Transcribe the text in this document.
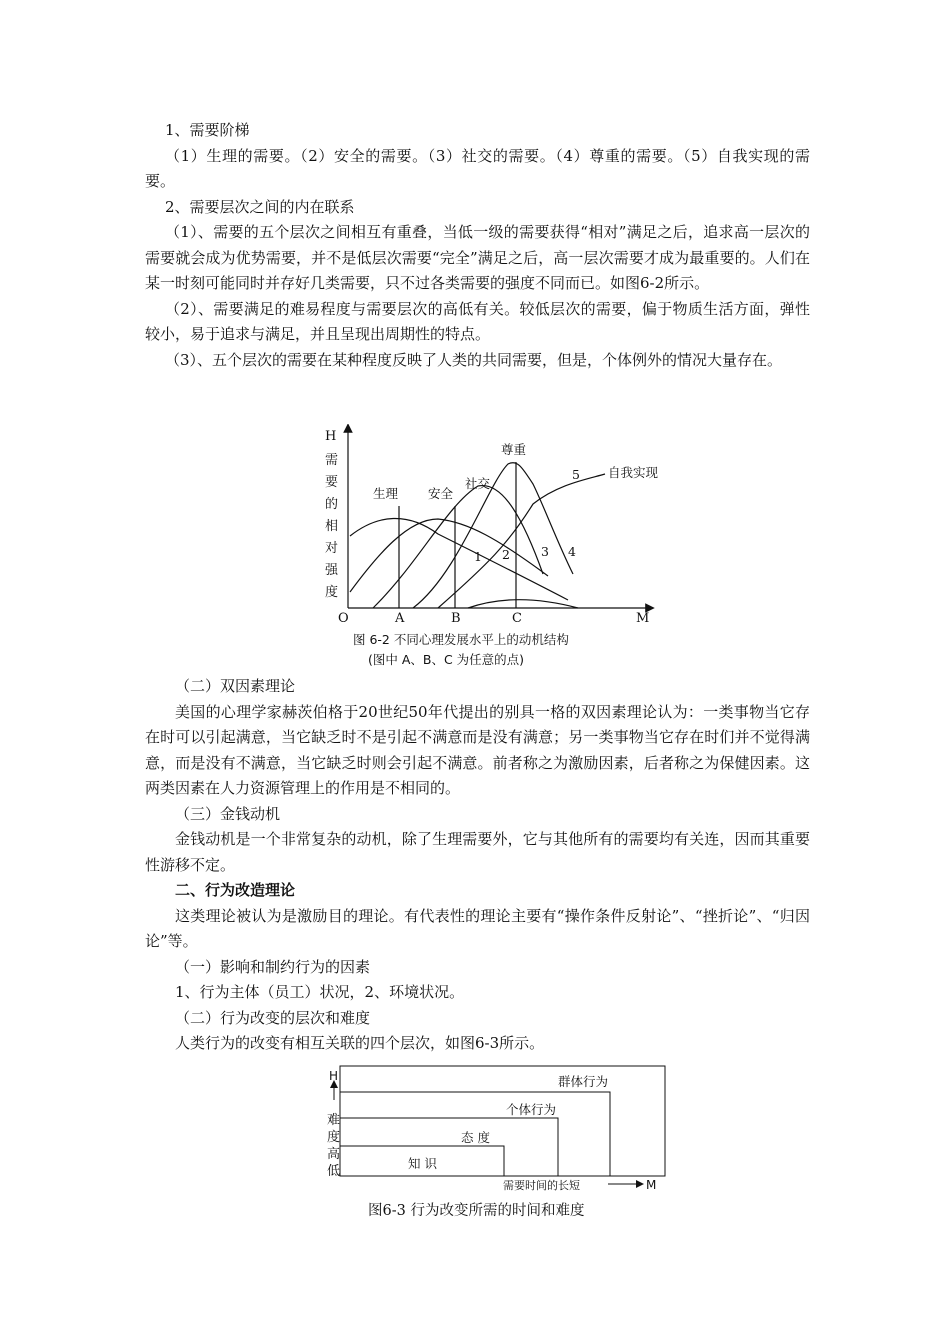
1、需要阶梯

（1）生理的需要。（2）安全的需要。（3）社交的需要。（4）尊重的需要。（5）自我实现的需要。

2、需要层次之间的内在联系

（1）、需要的五个层次之间相互有重叠，当低一级的需要获得“相对”满足之后，追求高一层次的需要就会成为优势需要，并不是低层次需要“完全”满足之后，高一层次需要才成为最重要的。人们在某一时刻可能同时并存好几类需要，只不过各类需要的强度不同而已。如图6-2所示。

（2）、需要满足的难易程度与需要层次的高低有关。较低层次的需要，偏于物质生活方面，弹性较小，易于追求与满足，并且呈现出周期性的特点。

（3）、五个层次的需要在某种程度反映了人类的共同需要，但是，个体例外的情况大量存在。

H
需
要
的
相
对
强
度
O	A	B	C	M
生理 安全
社交
尊重
自我实现
1 2 3 4
5
图 6-2 不同心理发展水平上的动机结构
(图中 A、B、C 为任意的点)

（二）双因素理论

美国的心理学家赫茨伯格于20世纪50年代提出的别具一格的双因素理论认为：一类事物当它存在时可以引起满意，当它缺乏时不是引起不满意而是没有满意；另一类事物当它存在时们并不觉得满意，而是没有不满意，当它缺乏时则会引起不满意。前者称之为激励因素，后者称之为保健因素。这两类因素在人力资源管理上的作用是不相同的。

（三）金钱动机

金钱动机是一个非常复杂的动机，除了生理需要外，它与其他所有的需要均有关连，因而其重要性游移不定。

二、行为改造理论

这类理论被认为是激励目的理论。有代表性的理论主要有“操作条件反射论”、“挫折论”、“归因论”等。

（一）影响和制约行为的因素

1、行为主体（员工）状况，2、环境状况。

（二）行为改变的层次和难度

人类行为的改变有相互关联的四个层次，如图6-3所示。

H
难
度
高
低
知 识
态 度
个体行为
群体行为
需要时间的长短	M
图6-3 行为改变所需的时间和难度
